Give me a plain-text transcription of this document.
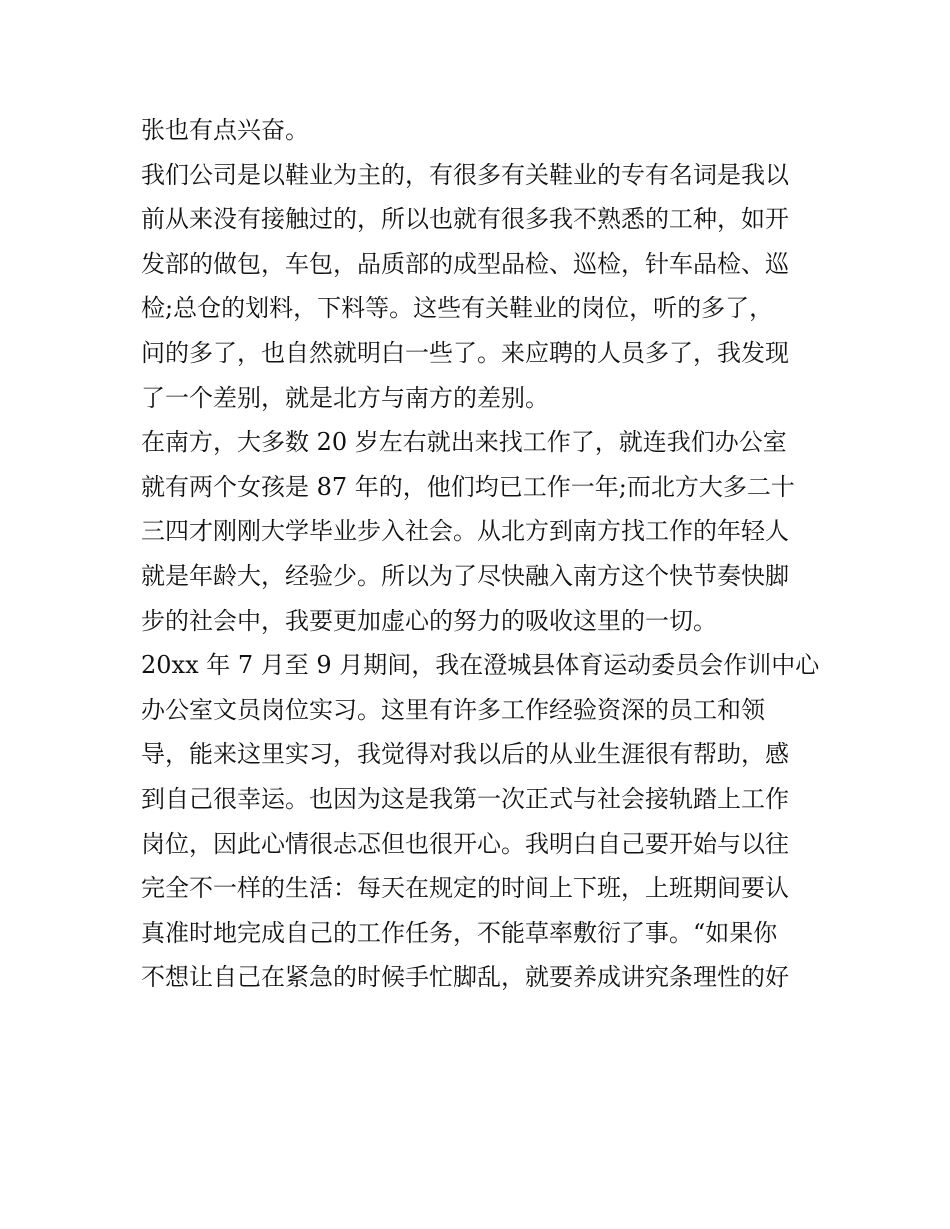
张也有点兴奋。
我们公司是以鞋业为主的，有很多有关鞋业的专有名词是我以
前从来没有接触过的，所以也就有很多我不熟悉的工种，如开
发部的做包，车包，品质部的成型品检、巡检，针车品检、巡
检;总仓的划料，下料等。这些有关鞋业的岗位，听的多了，
问的多了，也自然就明白一些了。来应聘的人员多了，我发现
了一个差别，就是北方与南方的差别。
在南方，大多数 20 岁左右就出来找工作了，就连我们办公室
就有两个女孩是 87 年的，他们均已工作一年;而北方大多二十
三四才刚刚大学毕业步入社会。从北方到南方找工作的年轻人
就是年龄大，经验少。所以为了尽快融入南方这个快节奏快脚
步的社会中，我要更加虚心的努力的吸收这里的一切。
20xx 年 7 月至 9 月期间，我在澄城县体育运动委员会作训中心
办公室文员岗位实习。这里有许多工作经验资深的员工和领
导，能来这里实习，我觉得对我以后的从业生涯很有帮助，感
到自己很幸运。也因为这是我第一次正式与社会接轨踏上工作
岗位，因此心情很忐忑但也很开心。我明白自己要开始与以往
完全不一样的生活：每天在规定的时间上下班，上班期间要认
真准时地完成自己的工作任务，不能草率敷衍了事。“如果你
不想让自己在紧急的时候手忙脚乱，就要养成讲究条理性的好
